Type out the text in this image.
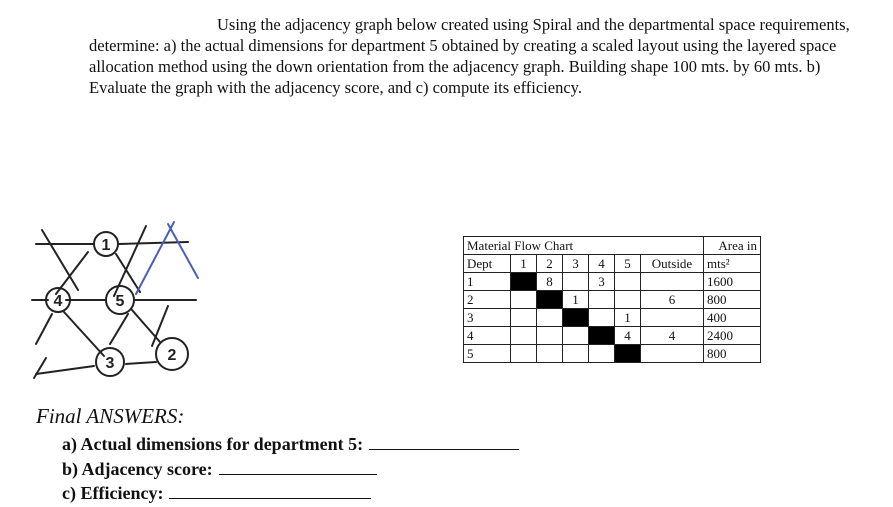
Using the adjacency graph below created using Spiral and the departmental space requirements, determine: a) the actual dimensions for department 5 obtained by creating a scaled layout using the layered space allocation method using the down orientation from the adjacency graph. Building shape 100 mts. by 60 mts. b) Evaluate the graph with the adjacency score, and c) compute its efficiency.

1
4	5
3	2
Material Flow Chart							Area in
Dept	1	2	3	4	5	Outside	mts²
1		8		3			1600
2			1			6	800
3					1		400
4					4	4	2400
5							800

Final ANSWERS:

a) Actual dimensions for department 5:

b) Adjacency score:

c) Efficiency:
